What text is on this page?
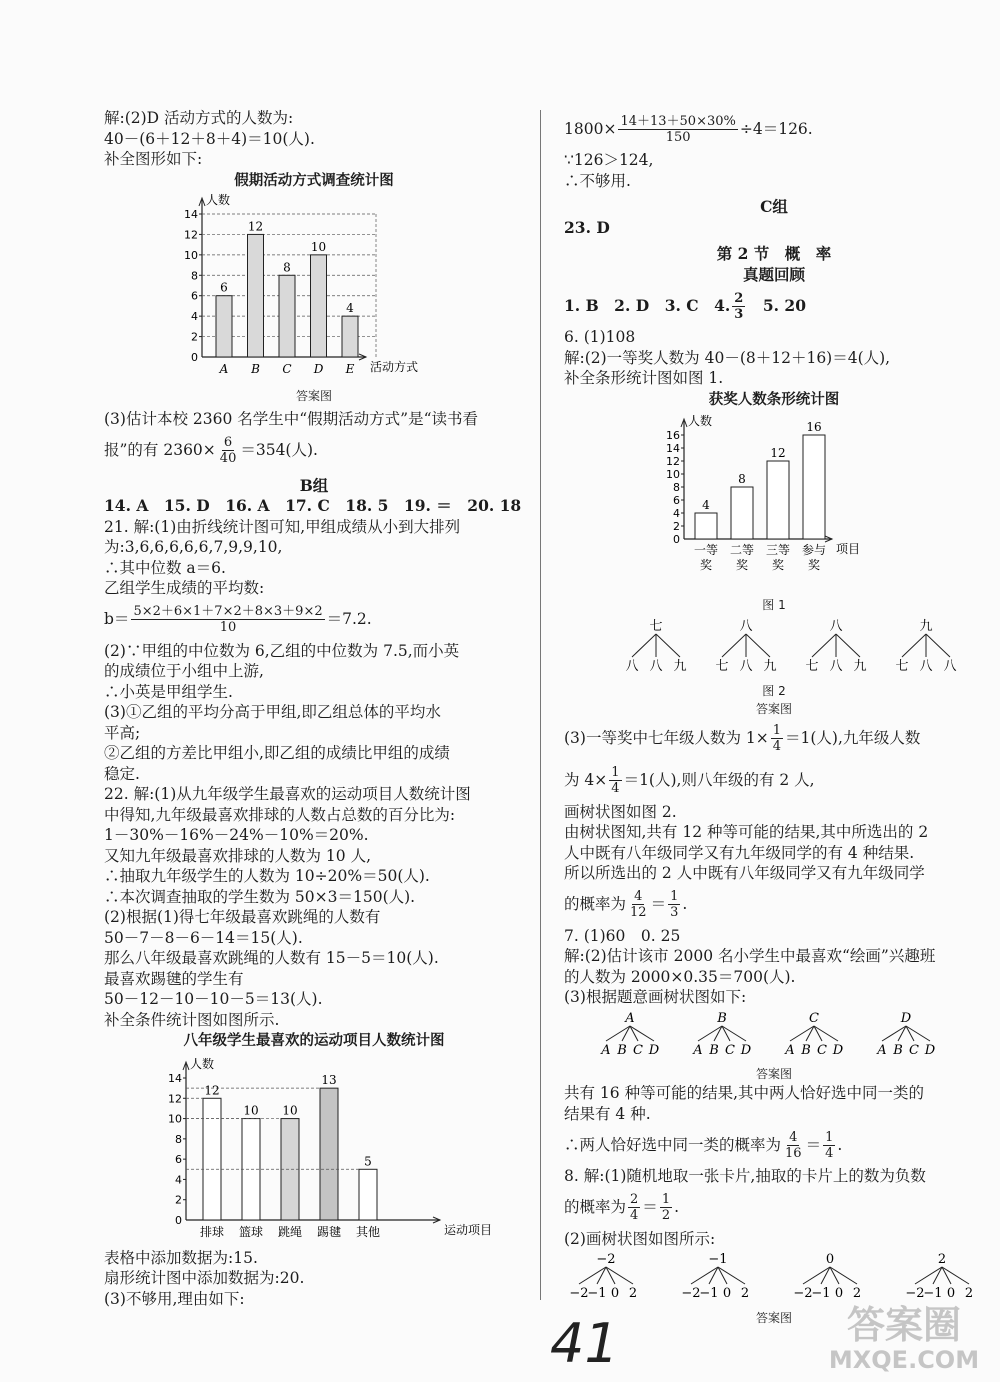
解:(2)D 活动方式的人数为:
40－(6＋12＋8＋4)＝10(人).
补全图形如下:
假期活动方式调查统计图
人数
活动方式
0
2
4
6
8
10
12
14
6
A
12
B
8
C
10
D
4
E
答案图
(3)估计本校 2360 名学生中“假期活动方式”是“读书看
报”的有 $2360\times \frac{6}{40} =354$(人).
B组
14. A　15. D　16. A　17. C　18. 5　19. ＝　20. 18
21. 解:(1)由折线统计图可知,甲组成绩从小到大排列
为:3,6,6,6,6,6,7,9,9,10,
∴其中位数 a＝6.
乙组学生成绩的平均数:
$b= \frac{5\times 2+6\times 1+7\times 2+8\times 3+9\times 2}{10} =7.2$.
(2)∵甲组的中位数为 6,乙组的中位数为 7.5,而小英
的成绩位于小组中上游,
∴小英是甲组学生.
(3)①乙组的平均分高于甲组,即乙组总体的平均水
平高;
②乙组的方差比甲组小,即乙组的成绩比甲组的成绩
稳定.
22. 解:(1)从九年级学生最喜欢的运动项目人数统计图
中得知,九年级最喜欢排球的人数占总数的百分比为:
1－30%－16%－24%－10%＝20%.
又知九年级最喜欢排球的人数为 10 人,
∴抽取九年级学生的人数为 10÷20%＝50(人).
∴本次调查抽取的学生数为 50×3＝150(人).
(2)根据(1)得七年级最喜欢跳绳的人数有
50－7－8－6－14＝15(人).
那么八年级最喜欢跳绳的人数有 15－5＝10(人).
最喜欢踢毽的学生有
50－12－10－10－5＝13(人).
补全条件统计图如图所示.
八年级学生最喜欢的运动项目人数统计图
人数
运动项目
0
2
4
6
8
10
12
14
12
排球
10
篮球
10
跳绳
13
踢毽
5
其他
表格中添加数据为:15.
扇形统计图中添加数据为:20.
(3)不够用,理由如下:
$1800\times \frac{14+13+50\times 30\%}{150} \div 4=126$.
∵126＞124,
∴不够用.
C组
23. D
第 2 节　概　率
真题回顾
1. B　2. D　3. C　4. $\frac{2}{3}$ 　5. 20
6. (1)108
解:(2)一等奖人数为 40－(8＋12＋16)＝4(人),
补全条形统计图如图 1.
获奖人数条形统计图
人数
项目
0
2
4
6
8
10
12
14
16
4
一等
奖
8
二等
奖
12
三等
奖
16
参与
奖
图 1
七
八 八 九
八
七 八 九
八
七 八 九
九
七 八 八
图 2
答案图
(3)一等奖中七年级人数为 $1\times \frac{1}{4} =1$(人),九年级人数
为 $4\times \frac{1}{4} =1$(人),则八年级的有 2 人,
画树状图如图 2.
由树状图知,共有 12 种等可能的结果,其中所选出的 2
人中既有八年级同学又有九年级同学的有 4 种结果.
所以所选出的 2 人中既有八年级同学又有九年级同学
的概率为 $\frac{4}{12} = \frac{1}{3}$ .
7. (1)60　0. 25
解:(2)估计该市 2000 名小学生中最喜欢“绘画”兴趣班
的人数为 2000×0.35＝700(人).
(3)根据题意画树状图如下:
A
A B C D
B
A B C D
C
A B C D
D
A B C D
答案图
共有 16 种等可能的结果,其中两人恰好选中同一类的
结果有 4 种.
∴两人恰好选中同一类的概率为 $\frac{4}{16} = \frac{1}{4}$ .
8. 解:(1)随机地取一张卡片,抽取的卡片上的数为负数
的概率为 $\frac{2}{4} = \frac{1}{2}$ .
(2)画树状图如图所示:
−2
−2
−1 0 2
−1
−2
−1 0 2
0
−2
−1 0 2
2
−2
−1 0 2
答案图
41	答案圈
MXQE.COM
